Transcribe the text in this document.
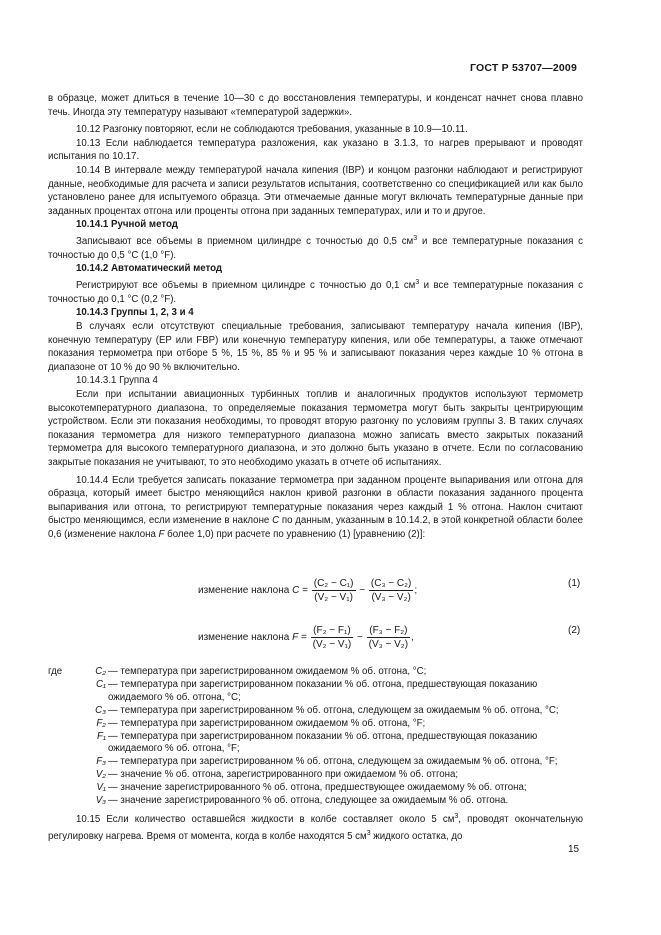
ГОСТ Р 53707—2009

в образце, может длиться в течение 10—30 с до восстановления температуры, и конденсат начнет снова плавно течь. Иногда эту температуру называют «температурой задержки».

10.12 Разгонку повторяют, если не соблюдаются требования, указанные в 10.9—10.11.

10.13 Если наблюдается температура разложения, как указано в 3.1.3, то нагрев прерывают и проводят испытания по 10.17.

10.14 В интервале между температурой начала кипения (IBP) и концом разгонки наблюдают и регистрируют данные, необходимые для расчета и записи результатов испытания, соответственно со спецификацией или как было установлено ранее для испытуемого образца. Эти отмечаемые данные могут включать температурные данные при заданных процентах отгона или проценты отгона при заданных температурах, или и то и другое.

10.14.1 Ручной метод

Записывают все объемы в приемном цилиндре с точностью до 0,5 $см^3$ и все температурные показания с точностью до 0,5 °С (1,0 °F).

10.14.2 Автоматический метод

Регистрируют все объемы в приемном цилиндре с точностью до 0,1 $см^3$ и все температурные показания с точностью до 0,1 °С (0,2 °F).

10.14.3 Группы 1, 2, 3 и 4

В случаях если отсутствуют специальные требования, записывают температуру начала кипения (IBP), конечную температуру (EP или FBP) или конечную температуру кипения, или обе температуры, а также отмечают показания термометра при отборе 5 %, 15 %, 85 % и 95 % и записывают показания через каждые 10 % отгона в диапазоне от 10 % до 90 % включительно.

10.14.3.1 Группа 4

Если при испытании авиационных турбинных топлив и аналогичных продуктов используют термометр высокотемпературного диапазона, то определяемые показания термометра могут быть закрыты центрирующим устройством. Если эти показания необходимы, то проводят вторую разгонку по условиям группы 3. В таких случаях показания термометра для низкого температурного диапазона можно записать вместо закрытых показаний термометра для высокого температурного диапазона, и это должно быть указано в отчете. Если по согласованию закрытые показания не учитывают, то это необходимо указать в отчете об испытаниях.

10.14.4 Если требуется записать показание термометра при заданном проценте выпаривания или отгона для образца, который имеет быстро меняющийся наклон кривой разгонки в области показания заданного процента выпаривания или отгона, то регистрируют температурные показания через каждый 1 % отгона. Наклон считают быстро меняющимся, если изменение в наклоне C по данным, указанным в 10.14.2, в этой конкретной области более 0,6 (изменение наклона F более 1,0) при расчете по уравнению (1) [уравнению (2)]:

изменение наклона $C = \frac{\text{(C₂ − C₁)}}{\text{(V₂ − V₁)}} - \frac{\text{(C₃ − C₂)}}{\text{(V₃ − V₂)}}$ ;
(1)
изменение наклона $F = \frac{\text{(F₂ − F₁)}}{\text{(V₂ − V₁)}} - \frac{\text{(F₃ − F₂)}}{\text{(V₃ − V₂)}}$ ,
(2)
где	C₂ — температура при зарегистрированном ожидаемом % об. отгона, °С;
C₁ — температура при зарегистрированном показании % об. отгона, предшествующая показанию ожидаемого % об. отгона, °С;
C₃ — температура при зарегистрированном % об. отгона, следующем за ожидаемым % об. отгона, °С;
F₂ — температура при зарегистрированном ожидаемом % об. отгона, °F;
F₁ — температура при зарегистрированном показании % об. отгона, предшествующая показанию ожидаемого % об. отгона, °F;
F₃ — температура при зарегистрированном % об. отгона, следующем за ожидаемым % об. отгона, °F;
V₂ — значение % об. отгона, зарегистрированного при ожидаемом % об. отгона;
V₁ — значение зарегистрированного % об. отгона, предшествующее ожидаемому % об. отгона;
V₃ — значение зарегистрированного % об. отгона, следующее за ожидаемым % об. отгона.

10.15 Если количество оставшейся жидкости в колбе составляет около 5 $см^3$, проводят окончательную регулировку нагрева. Время от момента, когда в колбе находятся 5 $см^3$ жидкого остатка, до

15
